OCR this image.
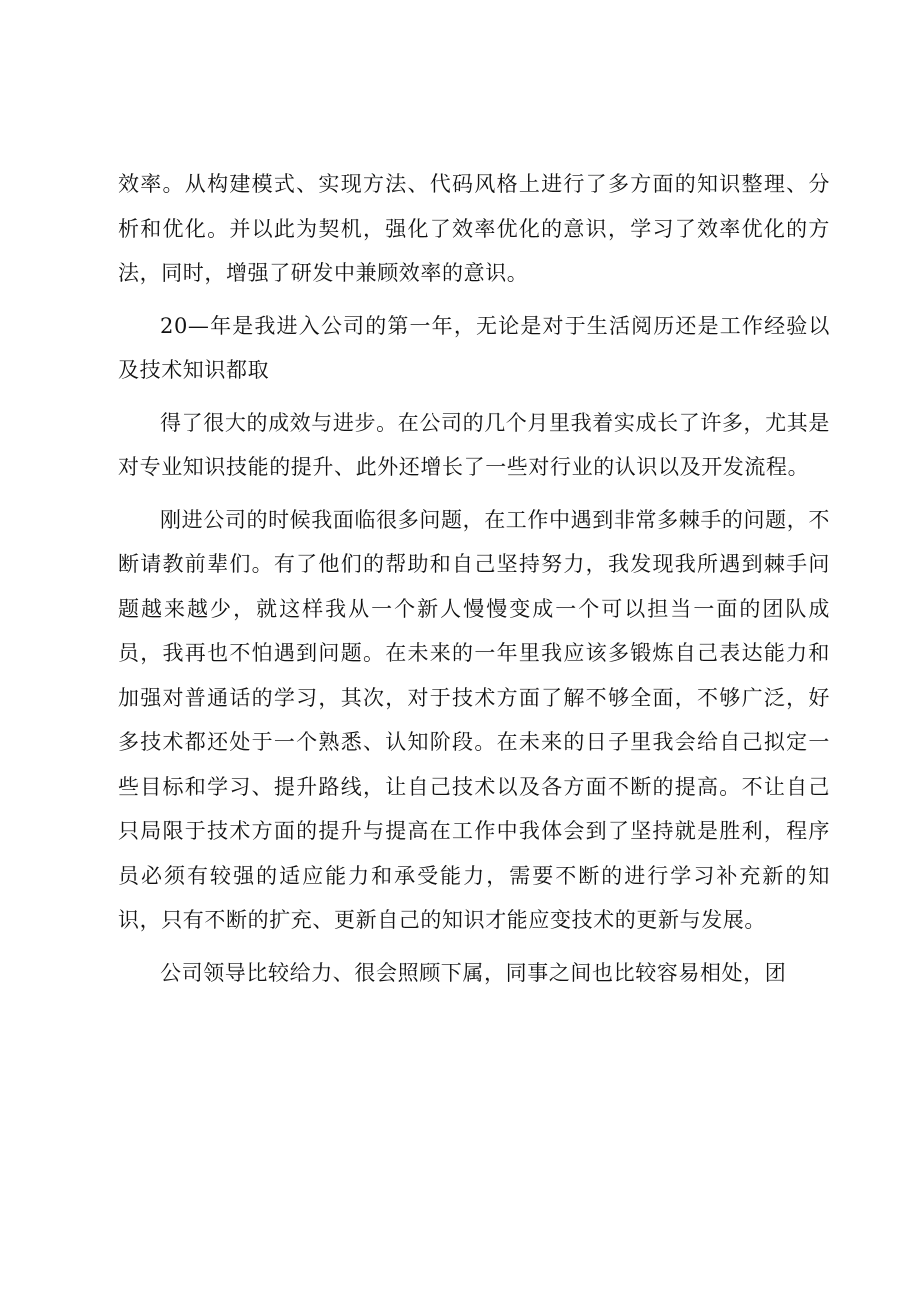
效率。从构建模式、实现方法、代码风格上进行了多方面的知识整理、分析和优化。并以此为契机，强化了效率优化的意识，学习了效率优化的方法，同时，增强了研发中兼顾效率的意识。

20—年是我进入公司的第一年，无论是对于生活阅历还是工作经验以及技术知识都取

得了很大的成效与进步。在公司的几个月里我着实成长了许多，尤其是对专业知识技能的提升、此外还增长了一些对行业的认识以及开发流程。

刚进公司的时候我面临很多问题，在工作中遇到非常多棘手的问题，不断请教前辈们。有了他们的帮助和自己坚持努力，我发现我所遇到棘手问题越来越少，就这样我从一个新人慢慢变成一个可以担当一面的团队成员，我再也不怕遇到问题。在未来的一年里我应该多锻炼自己表达能力和加强对普通话的学习，其次，对于技术方面了解不够全面，不够广泛，好多技术都还处于一个熟悉、认知阶段。在未来的日子里我会给自己拟定一些目标和学习、提升路线，让自己技术以及各方面不断的提高。不让自己只局限于技术方面的提升与提高在工作中我体会到了坚持就是胜利，程序员必须有较强的适应能力和承受能力，需要不断的进行学习补充新的知识，只有不断的扩充、更新自己的知识才能应变技术的更新与发展。

公司领导比较给力、很会照顾下属，同事之间也比较容易相处，团
